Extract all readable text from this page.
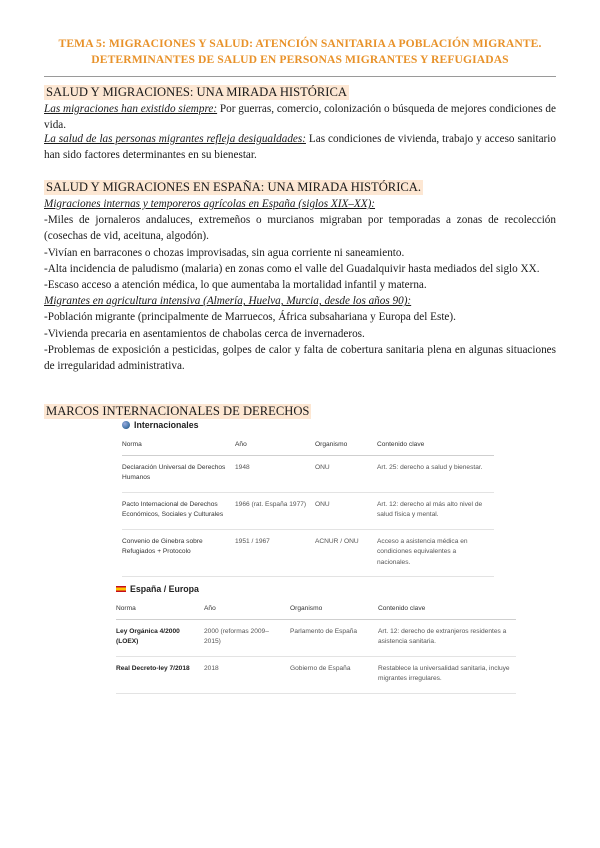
TEMA 5: MIGRACIONES Y SALUD: ATENCIÓN SANITARIA A POBLACIÓN MIGRANTE.
DETERMINANTES DE SALUD EN PERSONAS MIGRANTES Y REFUGIADAS
SALUD Y MIGRACIONES: UNA MIRADA HISTÓRICA
Las migraciones han existido siempre: Por guerras, comercio, colonización o búsqueda de mejores condiciones de vida.
La salud de las personas migrantes refleja desigualdades: Las condiciones de vivienda, trabajo y acceso sanitario han sido factores determinantes en su bienestar.
SALUD Y MIGRACIONES EN ESPAÑA: UNA MIRADA HISTÓRICA.
Migraciones internas y temporeros agrícolas en España (siglos XIX–XX):
-Miles de jornaleros andaluces, extremeños o murcianos migraban por temporadas a zonas de recolección (cosechas de vid, aceituna, algodón).
-Vivían en barracones o chozas improvisadas, sin agua corriente ni saneamiento.
-Alta incidencia de paludismo (malaria) en zonas como el valle del Guadalquivir hasta mediados del siglo XX.
-Escaso acceso a atención médica, lo que aumentaba la mortalidad infantil y materna.
Migrantes en agricultura intensiva (Almería, Huelva, Murcia, desde los años 90):
-Población migrante (principalmente de Marruecos, África subsahariana y Europa del Este).
-Vivienda precaria en asentamientos de chabolas cerca de invernaderos.
-Problemas de exposición a pesticidas, golpes de calor y falta de cobertura sanitaria plena en algunas situaciones de irregularidad administrativa.
MARCOS INTERNACIONALES DE DERECHOS
Internacionales
Norma	Año	Organismo	Contenido clave
Declaración Universal de Derechos Humanos	1948	ONU	Art. 25: derecho a salud y bienestar.
Pacto Internacional de Derechos Económicos, Sociales y Culturales	1966 (rat. España 1977)	ONU	Art. 12: derecho al más alto nivel de salud física y mental.
Convenio de Ginebra sobre Refugiados + Protocolo	1951 / 1967	ACNUR / ONU	Acceso a asistencia médica en condiciones equivalentes a nacionales.
España / Europa
Norma	Año	Organismo	Contenido clave
Ley Orgánica 4/2000 (LOEX)	2000 (reformas 2009–2015)	Parlamento de España	Art. 12: derecho de extranjeros residentes a asistencia sanitaria.
Real Decreto-ley 7/2018	2018	Gobierno de España	Restablece la universalidad sanitaria, incluye migrantes irregulares.
